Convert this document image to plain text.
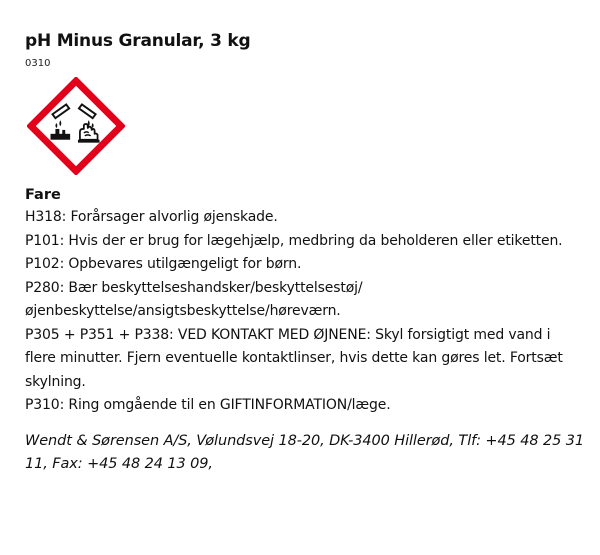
pH Minus Granular, 3 kg
0310
Fare

H318: Forårsager alvorlig øjenskade.

P101: Hvis der er brug for lægehjælp, medbring da beholderen eller etiketten.

P102: Opbevares utilgængeligt for børn.

P280: Bær beskyttelseshandsker/beskyttelsestøj/ øjenbeskyttelse/ansigtsbeskyttelse/høreværn.

P305 + P351 + P338: VED KONTAKT MED ØJNENE: Skyl forsigtigt med vand i flere minutter. Fjern eventuelle kontaktlinser, hvis dette kan gøres let. Fortsæt skylning.

P310: Ring omgående til en GIFTINFORMATION/læge.

Wendt & Sørensen A/S, Vølundsvej 18-20, DK-3400 Hillerød, Tlf: +45 48 25 31 11, Fax: +45 48 24 13 09,
